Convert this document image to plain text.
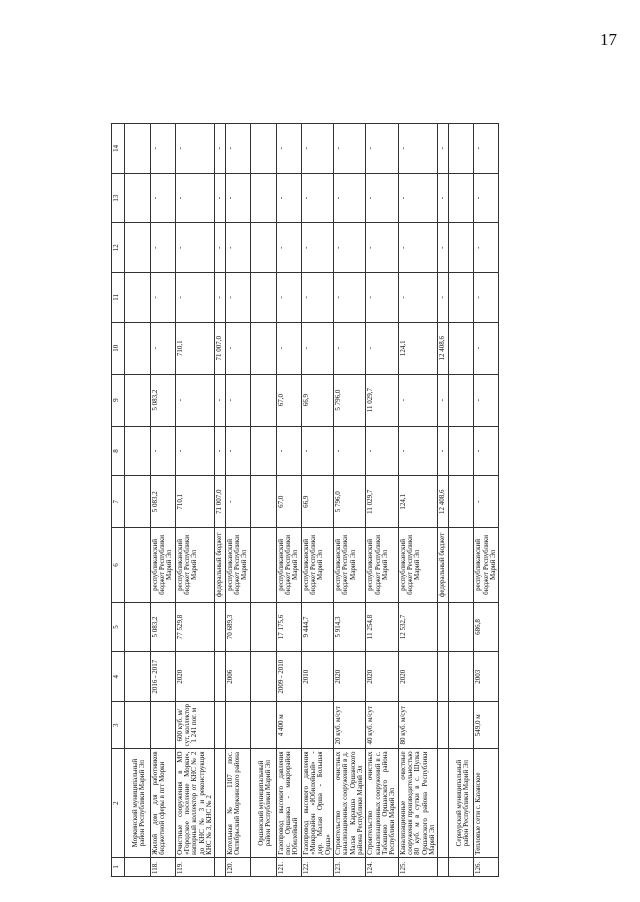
17
1	2	3	4	5	6	7	8	9	10	11	12	13	14

	Моркинский муниципальный район Республики Марий Эл												

118.	Жилой дом для работников бюджетной сферы в пгт Морки		2016 - 2017	5 083,2	республиканский бюджет Республики Марий Эл	5 083,2	-	5 083,2	-	-	-	-	-
119.	Очистные сооружения в МО «Городское поселение Морки», напорный коллектор от КНС № 2 до КНС № 3 и реконструкция КНС № 3, КНС № 2	600 куб. м/сут, коллектор 1 241 пог. м	2020	77 529,8	республиканский бюджет Республики Марий Эл	710,1	-	-	710,1	-	-	-	-
					федеральный бюджет	71 007,0	-	-	71 007,0	-	-	-	-
120.	Котельная № 1107 пос. Октябрьский Моркинского района		2006	70 689,3	республиканский бюджет Республики Марий Эл	-	-	-	-	-	-	-	-

	Оршанский муниципальный район Республики Марий Эл												

121.	Газопровод высокого давления пос. Оршанка - микрорайон Юбилейный	4 400 м	2009 - 2010	17 175,6	республиканский бюджет Республики Марий Эл	67,0	-	67,0	-	-	-	-	-
122.	Газопровод высокого давления «Микрорайон «Юбилейный» - дер. Малая Орша - Большая Орша»		2010	9 444,7	республиканский бюджет Республики Марий Эл	66,9	-	66,9	-	-	-	-	-
123.	Строительство очистных канализационных сооружений в д. Малая Каракша Оршанского района Республики Марий Эл	20 куб. м/сут	2020	5 914,3	республиканский бюджет Республики Марий Эл	5 796,0	-	5 796,0	-	-	-	-	-
124.	Строительство очистных канализационных сооружений в с. Табашино Оршанского района Республики Марий Эл	40 куб. м/сут	2020	11 254,8	республиканский бюджет Республики Марий Эл	11 029,7	-	11 029,7	-	-	-	-	-
125.	Канализационные очистные сооружения производительностью 80 куб. м в сутки в с. Шулка Оршанского района Республики Марий Эл	80 куб. м/сут	2020	12 532,7	республиканский бюджет Республики Марий Эл	124,1	-	-	124,1	-	-	-	-
					федеральный бюджет	12 408,6	-	-	12 408,6	-	-	-	-

	Сернурский муниципальный район Республики Марий Эл												

126.	Тепловые сети с. Казанское	549,0 м	2003	686,8	республиканский бюджет Республики Марий Эл	-	-	-	-	-	-	-	-
